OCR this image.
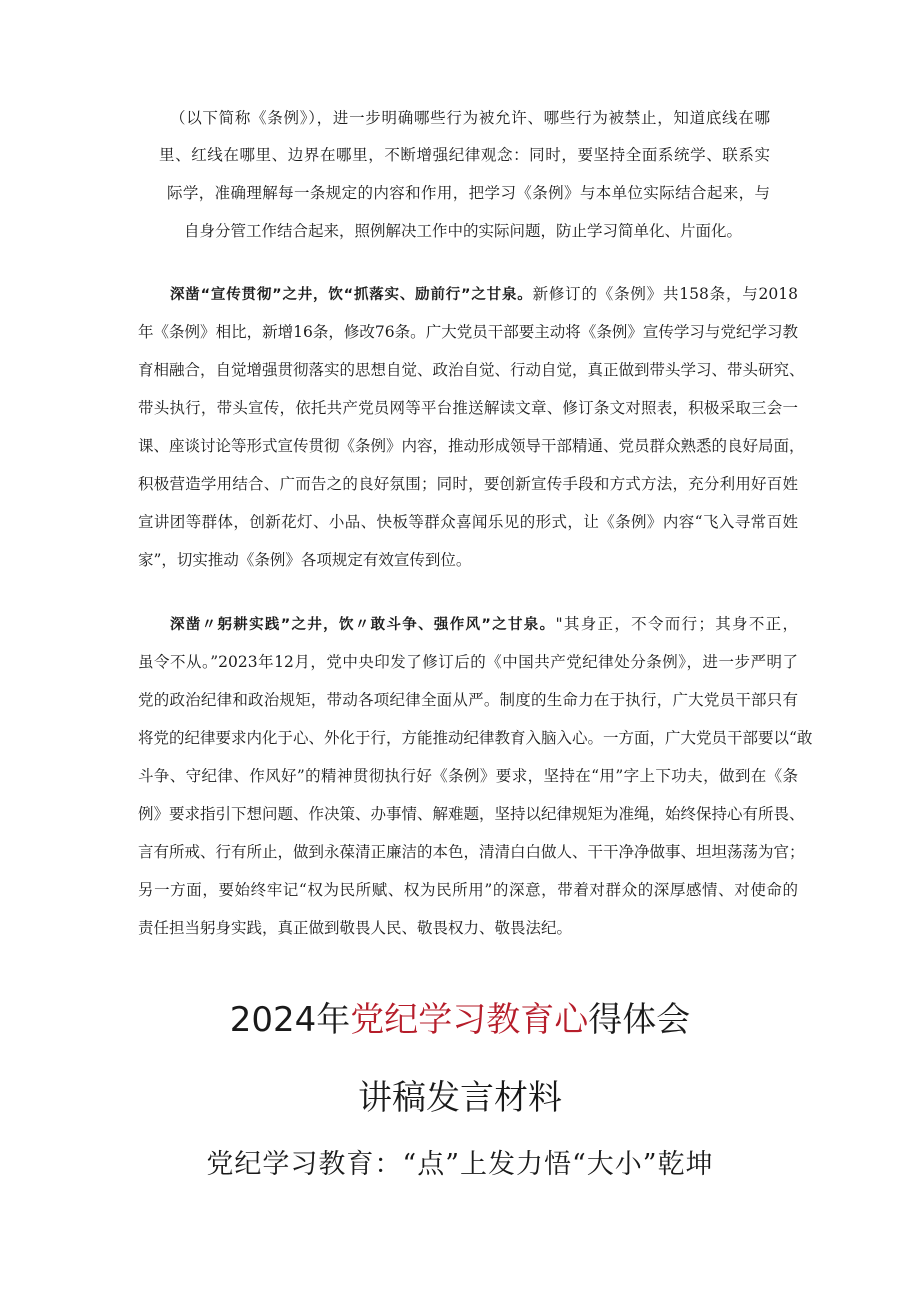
（以下简称《条例》），进一步明确哪些行为被允许、哪些行为被禁止，知道底线在哪
里、红线在哪里、边界在哪里，不断增强纪律观念：同时，要坚持全面系统学、联系实
际学，准确理解每一条规定的内容和作用，把学习《条例》与本单位实际结合起来，与
自身分管工作结合起来，照例解决工作中的实际问题，防止学习简单化、片面化。
深凿“宣传贯彻”之井，饮“抓落实、励前行”之甘泉。新修订的《条例》共158条，与2018
年《条例》相比，新增16条，修改76条。广大党员干部要主动将《条例》宣传学习与党纪学习教
育相融合，自觉增强贯彻落实的思想自觉、政治自觉、行动自觉，真正做到带头学习、带头研究、
带头执行，带头宣传，依托共产党员网等平台推送解读文章、修订条文对照表，积极采取三会一
课、座谈讨论等形式宣传贯彻《条例》内容，推动形成领导干部精通、党员群众熟悉的良好局面，
积极营造学用结合、广而告之的良好氛围；同时，要创新宣传手段和方式方法，充分利用好百姓
宣讲团等群体，创新花灯、小品、快板等群众喜闻乐见的形式，让《条例》内容“飞入寻常百姓
家”，切实推动《条例》各项规定有效宣传到位。
深凿〃躬耕实践”之井，饮〃敢斗争、强作风”之甘泉。"其身正，不令而行；其身不正，
虽令不从。”2023年12月，党中央印发了修订后的《中国共产党纪律处分条例》，进一步严明了
党的政治纪律和政治规矩，带动各项纪律全面从严。制度的生命力在于执行，广大党员干部只有
将党的纪律要求内化于心、外化于行，方能推动纪律教育入脑入心。一方面，广大党员干部要以“敢
斗争、守纪律、作风好”的精神贯彻执行好《条例》要求，坚持在“用”字上下功夫，做到在《条
例》要求指引下想问题、作决策、办事情、解难题，坚持以纪律规矩为准绳，始终保持心有所畏、
言有所戒、行有所止，做到永葆清正廉洁的本色，清清白白做人、干干净净做事、坦坦荡荡为官；
另一方面，要始终牢记“权为民所赋、权为民所用”的深意，带着对群众的深厚感情、对使命的
责任担当躬身实践，真正做到敬畏人民、敬畏权力、敬畏法纪。
2024年党纪学习教育心得体会
讲稿发言材料
党纪学习教育：“点”上发力悟“大小”乾坤
